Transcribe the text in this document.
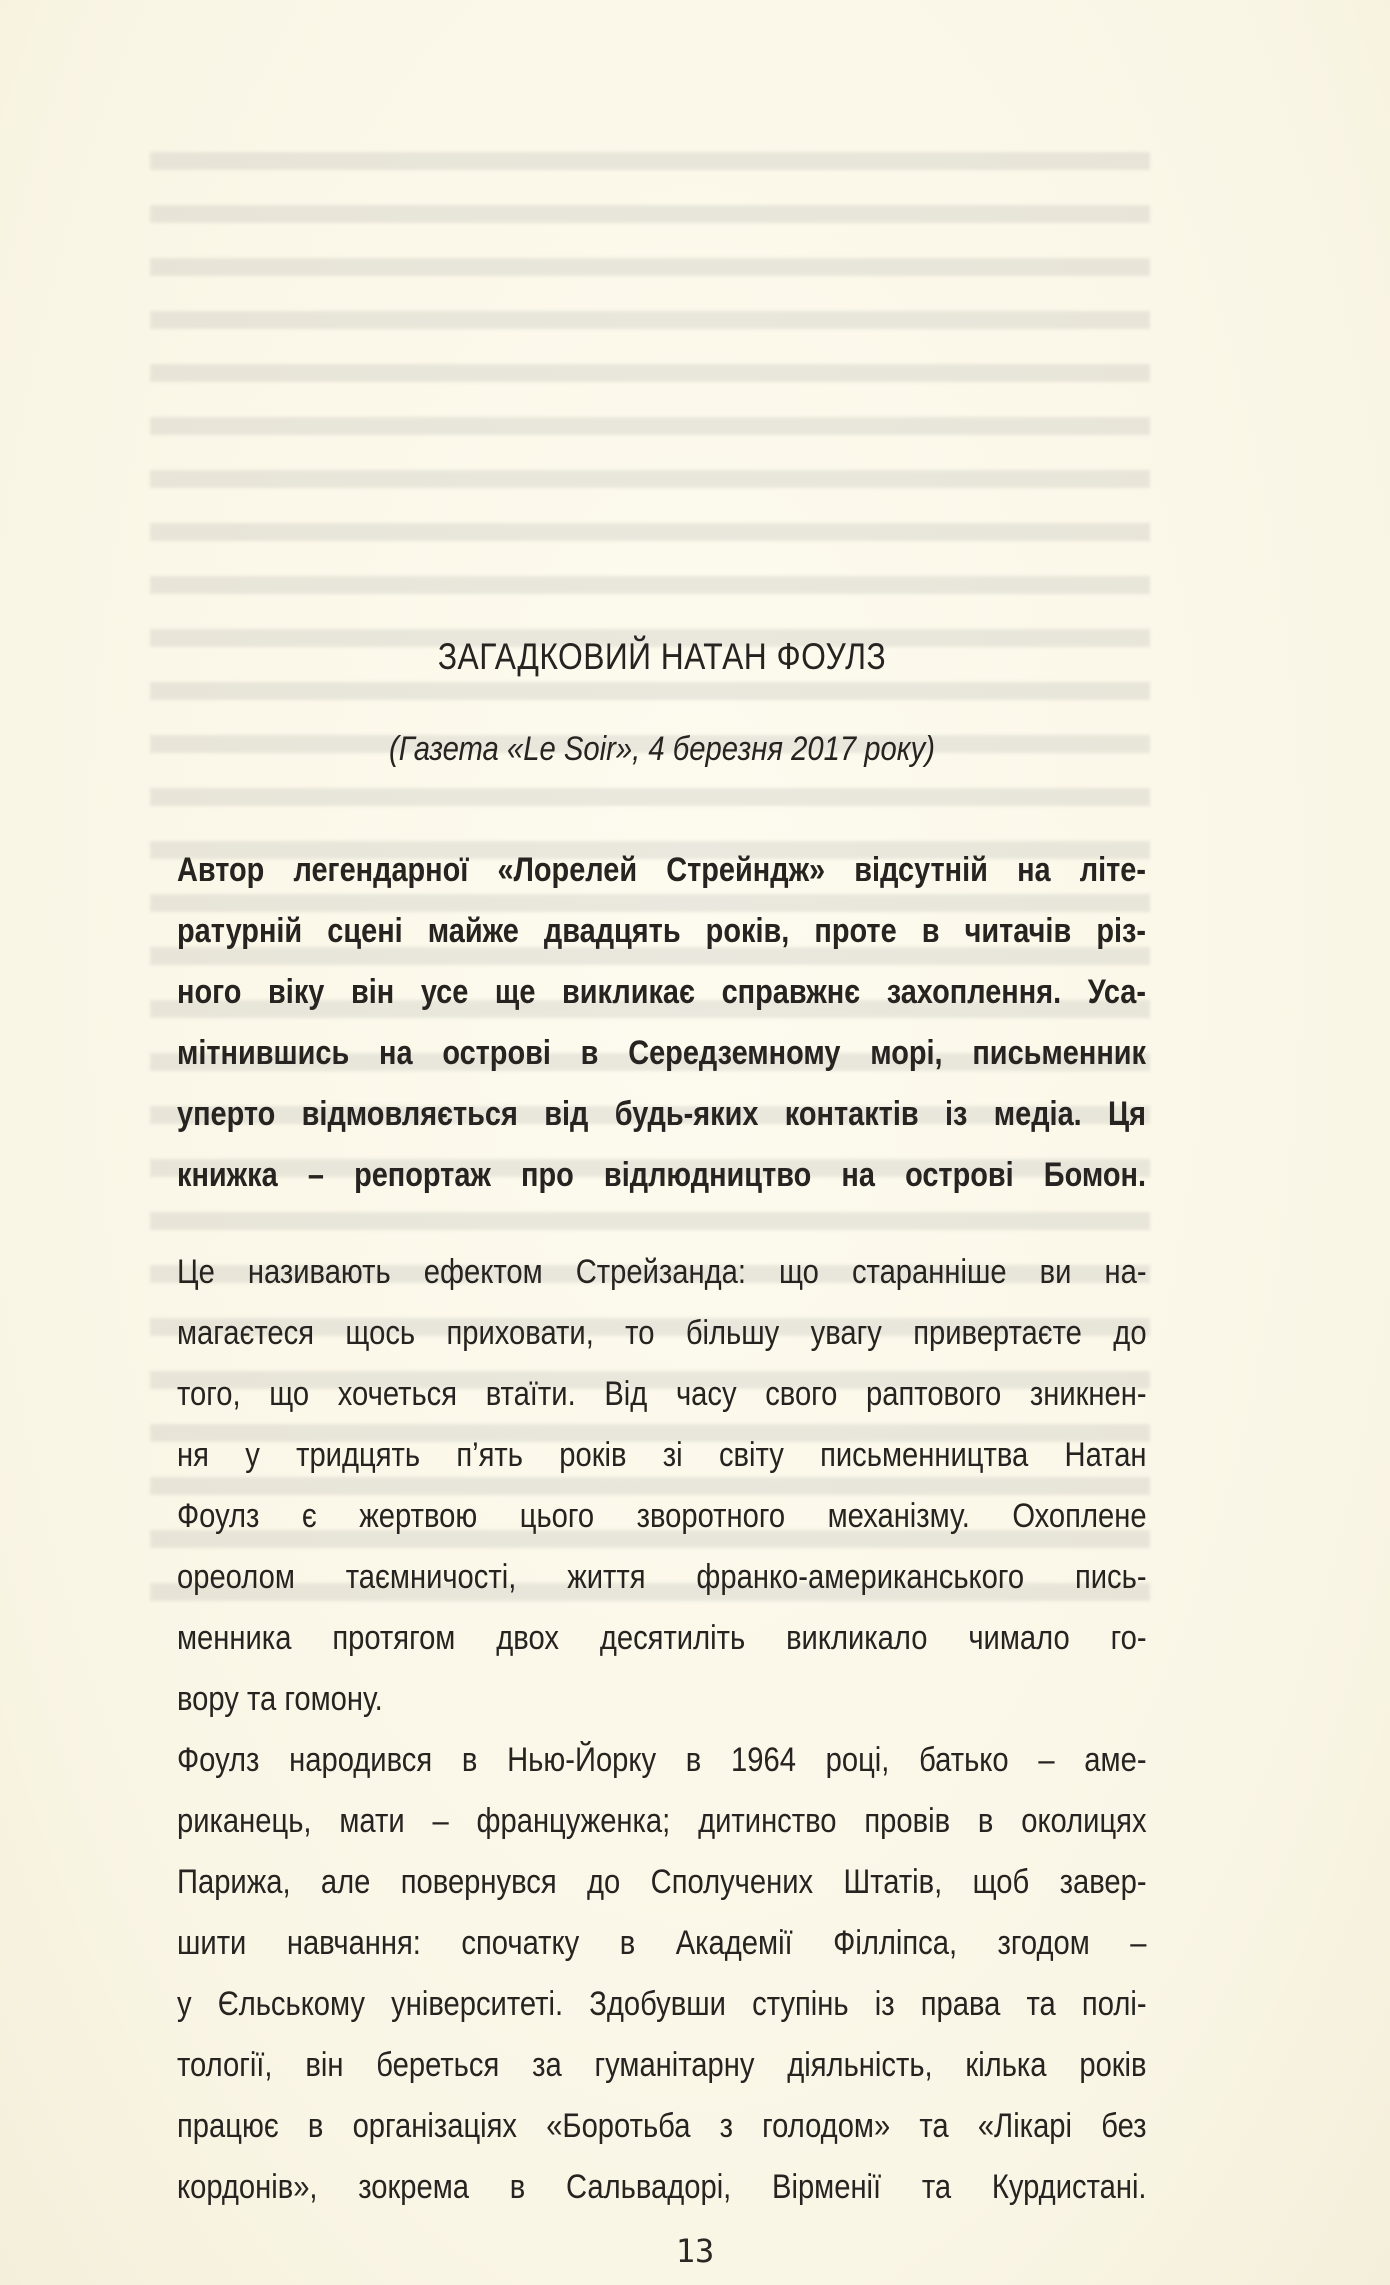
ЗАГАДКОВИЙ НАТАН ФОУЛЗ
(Газета «Le Soir», 4 березня 2017 року)
Автор легендарної «Лорелей Стрейндж» відсутній на літе-
ратурній сцені майже двадцять років, проте в читачів різ-
ного віку він усе ще викликає справжнє захоплення. Уса-
мітнившись на острові в Середземному морі, письменник
уперто відмовляється від будь-яких контактів із медіа. Ця
книжка – репортаж про відлюдництво на острові Бомон.
Це називають ефектом Стрейзанда: що старанніше ви на-
магаєтеся щось приховати, то більшу увагу привертаєте до
того, що хочеться втаїти. Від часу свого раптового зникнен-
ня у тридцять п’ять років зі світу письменництва Натан
Фоулз є жертвою цього зворотного механізму. Охоплене
ореолом таємничості, життя франко-американського пись-
менника протягом двох десятиліть викликало чимало го-
вору та гомону.
Фоулз народився в Нью-Йорку в 1964 році, батько – аме-
риканець, мати – француженка; дитинство провів в околицях
Парижа, але повернувся до Сполучених Штатів, щоб завер-
шити навчання: спочатку в Академії Філліпса, згодом –
у Єльському університеті. Здобувши ступінь із права та полі-
тології, він береться за гуманітарну діяльність, кілька років
працює в організаціях «Боротьба з голодом» та «Лікарі без
кордонів», зокрема в Сальвадорі, Вірменії та Курдистані.
13
